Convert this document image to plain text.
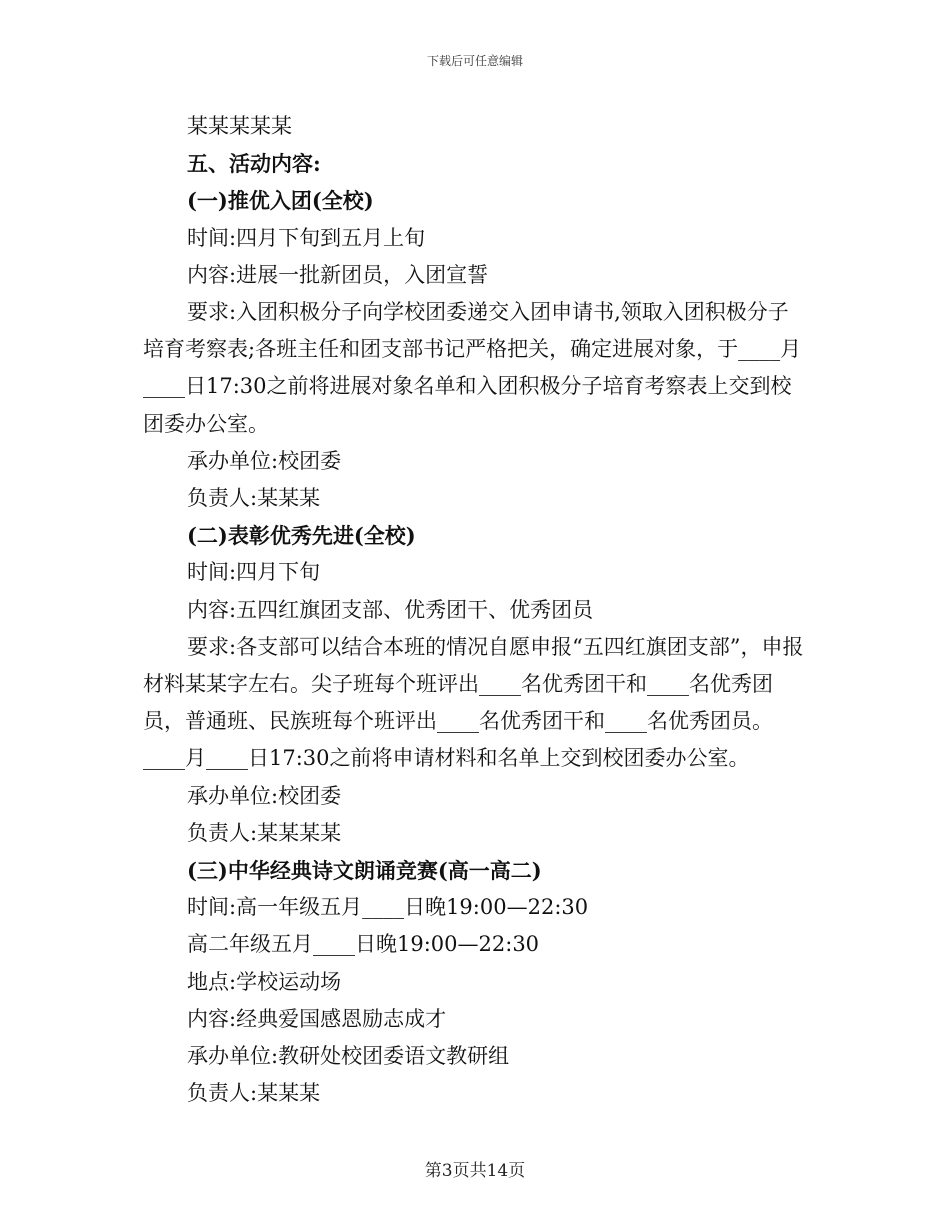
下载后可任意编辑

某某某某某

五、活动内容:

(一)推优入团(全校)

时间:四月下旬到五月上旬

内容:进展一批新团员，入团宣誓

要求:入团积极分子向学校团委递交入团申请书,领取入团积极分子培育考察表;各班主任和团支部书记严格把关，确定进展对象，于____月____日17:30之前将进展对象名单和入团积极分子培育考察表上交到校团委办公室。

承办单位:校团委

负责人:某某某

(二)表彰优秀先进(全校)

时间:四月下旬

内容:五四红旗团支部、优秀团干、优秀团员

要求:各支部可以结合本班的情况自愿申报“五四红旗团支部”，申报材料某某字左右。尖子班每个班评出____名优秀团干和____名优秀团员，普通班、民族班每个班评出____名优秀团干和____名优秀团员。____月____日17:30之前将申请材料和名单上交到校团委办公室。

承办单位:校团委

负责人:某某某某

(三)中华经典诗文朗诵竞赛(高一高二)

时间:高一年级五月____日晚19:00—22:30

高二年级五月____日晚19:00—22:30

地点:学校运动场

内容:经典爱国感恩励志成才

承办单位:教研处校团委语文教研组

负责人:某某某

第3页共14页
